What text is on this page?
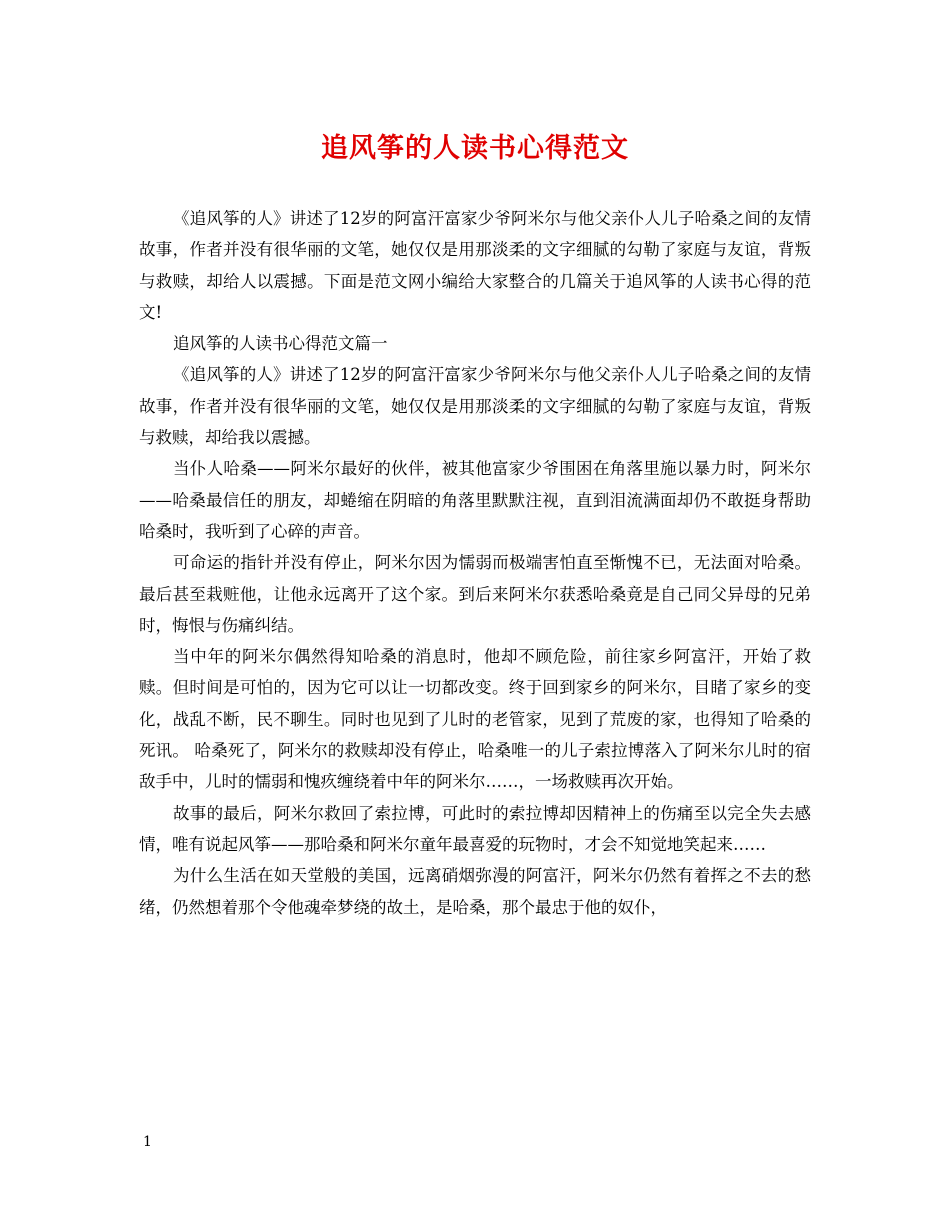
追风筝的人读书心得范文

《追风筝的人》讲述了12岁的阿富汗富家少爷阿米尔与他父亲仆人儿子哈桑之间的友情故事，作者并没有很华丽的文笔，她仅仅是用那淡柔的文字细腻的勾勒了家庭与友谊，背叛与救赎，却给人以震撼。下面是范文网小编给大家整合的几篇关于追风筝的人读书心得的范文!

追风筝的人读书心得范文篇一

《追风筝的人》讲述了12岁的阿富汗富家少爷阿米尔与他父亲仆人儿子哈桑之间的友情故事，作者并没有很华丽的文笔，她仅仅是用那淡柔的文字细腻的勾勒了家庭与友谊，背叛与救赎，却给我以震撼。

当仆人哈桑——阿米尔最好的伙伴，被其他富家少爷围困在角落里施以暴力时，阿米尔——哈桑最信任的朋友，却蜷缩在阴暗的角落里默默注视，直到泪流满面却仍不敢挺身帮助哈桑时，我听到了心碎的声音。

可命运的指针并没有停止，阿米尔因为懦弱而极端害怕直至惭愧不已，无法面对哈桑。最后甚至栽赃他，让他永远离开了这个家。到后来阿米尔获悉哈桑竟是自己同父异母的兄弟时，悔恨与伤痛纠结。

当中年的阿米尔偶然得知哈桑的消息时，他却不顾危险，前往家乡阿富汗，开始了救赎。但时间是可怕的，因为它可以让一切都改变。终于回到家乡的阿米尔，目睹了家乡的变化，战乱不断，民不聊生。同时也见到了儿时的老管家，见到了荒废的家，也得知了哈桑的死讯。 哈桑死了，阿米尔的救赎却没有停止，哈桑唯一的儿子索拉博落入了阿米尔儿时的宿敌手中，儿时的懦弱和愧疚缠绕着中年的阿米尔……，一场救赎再次开始。

故事的最后，阿米尔救回了索拉博，可此时的索拉博却因精神上的伤痛至以完全失去感情，唯有说起风筝——那哈桑和阿米尔童年最喜爱的玩物时，才会不知觉地笑起来……

为什么生活在如天堂般的美国，远离硝烟弥漫的阿富汗，阿米尔仍然有着挥之不去的愁绪，仍然想着那个令他魂牵梦绕的故土，是哈桑，那个最忠于他的奴仆，

1
